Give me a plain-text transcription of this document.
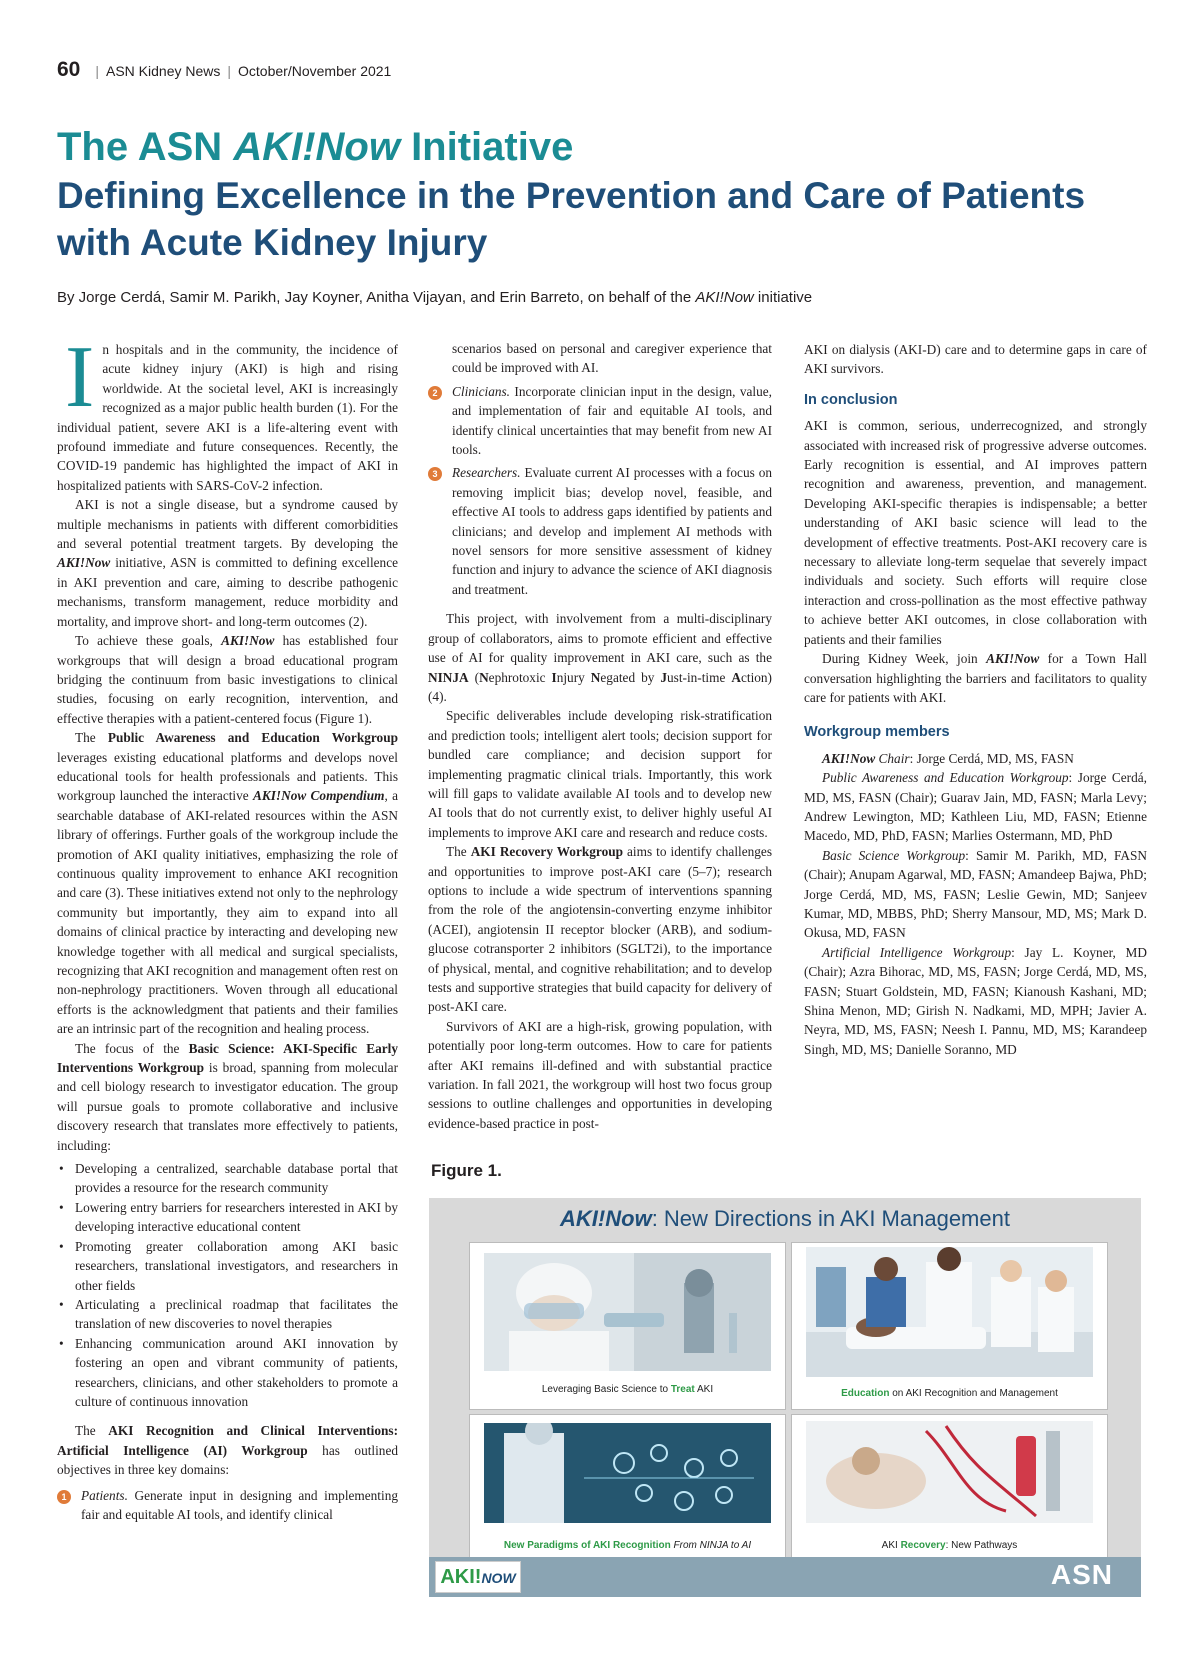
60 | ASN Kidney News | October/November 2021
The ASN AKI!Now Initiative
Defining Excellence in the Prevention and Care of Patients with Acute Kidney Injury
By Jorge Cerdá, Samir M. Parikh, Jay Koyner, Anitha Vijayan, and Erin Barreto, on behalf of the AKI!Now initiative

In hospitals and in the community, the incidence of acute kidney injury (AKI) is high and rising worldwide. At the societal level, AKI is increasingly recognized as a major public health burden (1). For the individual patient, severe AKI is a life-altering event with profound immediate and future consequences. Recently, the COVID-19 pandemic has highlighted the impact of AKI in hospitalized patients with SARS-CoV-2 infection.

AKI is not a single disease, but a syndrome caused by multiple mechanisms in patients with different comorbidities and several potential treatment targets. By developing the AKI!Now initiative, ASN is committed to defining excellence in AKI prevention and care, aiming to describe pathogenic mechanisms, transform management, reduce morbidity and mortality, and improve short- and long-term outcomes (2).

To achieve these goals, AKI!Now has established four workgroups that will design a broad educational program bridging the continuum from basic investigations to clinical studies, focusing on early recognition, intervention, and effective therapies with a patient-centered focus (Figure 1).

The Public Awareness and Education Workgroup leverages existing educational platforms and develops novel educational tools for health professionals and patients. This workgroup launched the interactive AKI!Now Compendium, a searchable database of AKI-related resources within the ASN library of offerings. Further goals of the workgroup include the promotion of AKI quality initiatives, emphasizing the role of continuous quality improvement to enhance AKI recognition and care (3). These initiatives extend not only to the nephrology community but importantly, they aim to expand into all domains of clinical practice by interacting and developing new knowledge together with all medical and surgical specialists, recognizing that AKI recognition and management often rest on non-nephrology practitioners. Woven through all educational efforts is the acknowledgment that patients and their families are an intrinsic part of the recognition and healing process.

The focus of the Basic Science: AKI-Specific Early Interventions Workgroup is broad, spanning from molecular and cell biology research to investigator education. The group will pursue goals to promote collaborative and inclusive discovery research that translates more effectively to patients, including:

• Developing a centralized, searchable database portal that provides a resource for the research community
• Lowering entry barriers for researchers interested in AKI by developing interactive educational content
• Promoting greater collaboration among AKI basic researchers, translational investigators, and researchers in other fields
• Articulating a preclinical roadmap that facilitates the translation of new discoveries to novel therapies
• Enhancing communication around AKI innovation by fostering an open and vibrant community of patients, researchers, clinicians, and other stakeholders to promote a culture of continuous innovation

The AKI Recognition and Clinical Interventions: Artificial Intelligence (AI) Workgroup has outlined objectives in three key domains:

1	Patients. Generate input in designing and implementing fair and equitable AI tools, and identify clinical
scenarios based on personal and caregiver experience that could be improved with AI.
2	Clinicians. Incorporate clinician input in the design, value, and implementation of fair and equitable AI tools, and identify clinical uncertainties that may benefit from new AI tools.
3	Researchers. Evaluate current AI processes with a focus on removing implicit bias; develop novel, feasible, and effective AI tools to address gaps identified by patients and clinicians; and develop and implement AI methods with novel sensors for more sensitive assessment of kidney function and injury to advance the science of AKI diagnosis and treatment.

This project, with involvement from a multi-disciplinary group of collaborators, aims to promote efficient and effective use of AI for quality improvement in AKI care, such as the NINJA (Nephrotoxic Injury Negated by Just-in-time Action) (4).

Specific deliverables include developing risk-stratification and prediction tools; intelligent alert tools; decision support for bundled care compliance; and decision support for implementing pragmatic clinical trials. Importantly, this work will fill gaps to validate available AI tools and to develop new AI tools that do not currently exist, to deliver highly useful AI implements to improve AKI care and research and reduce costs.

The AKI Recovery Workgroup aims to identify challenges and opportunities to improve post-AKI care (5–7); research options to include a wide spectrum of interventions spanning from the role of the angiotensin-converting enzyme inhibitor (ACEI), angiotensin II receptor blocker (ARB), and sodium-glucose cotransporter 2 inhibitors (SGLT2i), to the importance of physical, mental, and cognitive rehabilitation; and to develop tests and supportive strategies that build capacity for delivery of post-AKI care.

Survivors of AKI are a high-risk, growing population, with potentially poor long-term outcomes. How to care for patients after AKI remains ill-defined and with substantial practice variation. In fall 2021, the workgroup will host two focus group sessions to outline challenges and opportunities in developing evidence-based practice in post-

AKI on dialysis (AKI-D) care and to determine gaps in care of AKI survivors.

In conclusion

AKI is common, serious, underrecognized, and strongly associated with increased risk of progressive adverse outcomes. Early recognition is essential, and AI improves pattern recognition and awareness, prevention, and management. Developing AKI-specific therapies is indispensable; a better understanding of AKI basic science will lead to the development of effective treatments. Post-AKI recovery care is necessary to alleviate long-term sequelae that severely impact individuals and society. Such efforts will require close interaction and cross-pollination as the most effective pathway to achieve better AKI outcomes, in close collaboration with patients and their families

During Kidney Week, join AKI!Now for a Town Hall conversation highlighting the barriers and facilitators to quality care for patients with AKI.

Workgroup members

AKI!Now Chair: Jorge Cerdá, MD, MS, FASN

Public Awareness and Education Workgroup: Jorge Cerdá, MD, MS, FASN (Chair); Guarav Jain, MD, FASN; Marla Levy; Andrew Lewington, MD; Kathleen Liu, MD, FASN; Etienne Macedo, MD, PhD, FASN; Marlies Ostermann, MD, PhD

Basic Science Workgroup: Samir M. Parikh, MD, FASN (Chair); Anupam Agarwal, MD, FASN; Amandeep Bajwa, PhD; Jorge Cerdá, MD, MS, FASN; Leslie Gewin, MD; Sanjeev Kumar, MD, MBBS, PhD; Sherry Mansour, MD, MS; Mark D. Okusa, MD, FASN

Artificial Intelligence Workgroup: Jay L. Koyner, MD (Chair); Azra Bihorac, MD, MS, FASN; Jorge Cerdá, MD, MS, FASN; Stuart Goldstein, MD, FASN; Kianoush Kashani, MD; Shina Menon, MD; Girish N. Nadkami, MD, MPH; Javier A. Neyra, MD, MS, FASN; Neesh I. Pannu, MD, MS; Karandeep Singh, MD, MS; Danielle Soranno, MD

Figure 1.
AKI!Now: New Directions in AKI Management
Leveraging Basic Science to Treat AKI	Education on AKI Recognition and Management
New Paradigms of AKI Recognition From NINJA to AI	AKI Recovery: New Pathways
AKI!NOW	ASN
